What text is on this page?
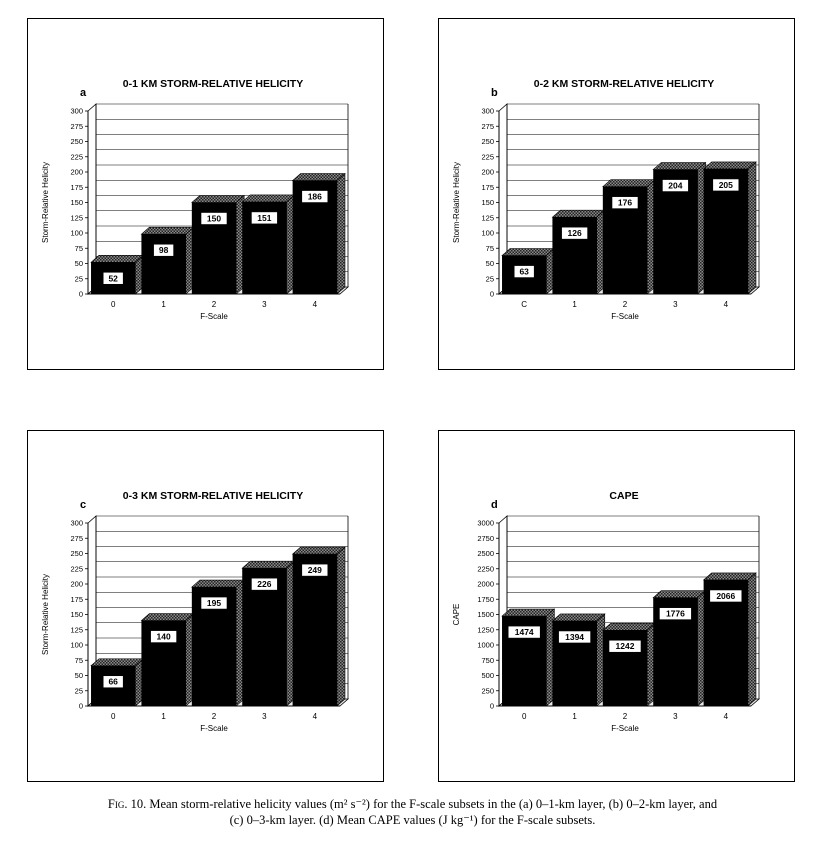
0
25
50
75
100
125
150
175
200
225
250
275
300
52
0
98
1
150
2
151
3
186
4
F-Scale
Storm-Relative Helicity
0-1 KM STORM-RELATIVE HELICITY
a
0
25
50
75
100
125
150
175
200
225
250
275
300
63
C
126
1
176
2
204
3
205
4
F-Scale
Storm-Relative Helicity
0-2 KM STORM-RELATIVE HELICITY
b
0
25
50
75
100
125
150
175
200
225
250
275
300
66
0
140
1
195
2
226
3
249
4
F-Scale
Storm-Relative Helicity
0-3 KM STORM-RELATIVE HELICITY
c
0
250
500
750
1000
1250
1500
1750
2000
2250
2500
2750
3000
1474
0
1394
1
1242
2
1776
3
2066
4
F-Scale
CAPE
CAPE
d
Fig. 10. Mean storm-relative helicity values (m² s⁻²) for the F-scale subsets in the (a) 0–1-km layer, (b) 0–2-km layer, and
(c) 0–3-km layer. (d) Mean CAPE values (J kg⁻¹) for the F-scale subsets.
